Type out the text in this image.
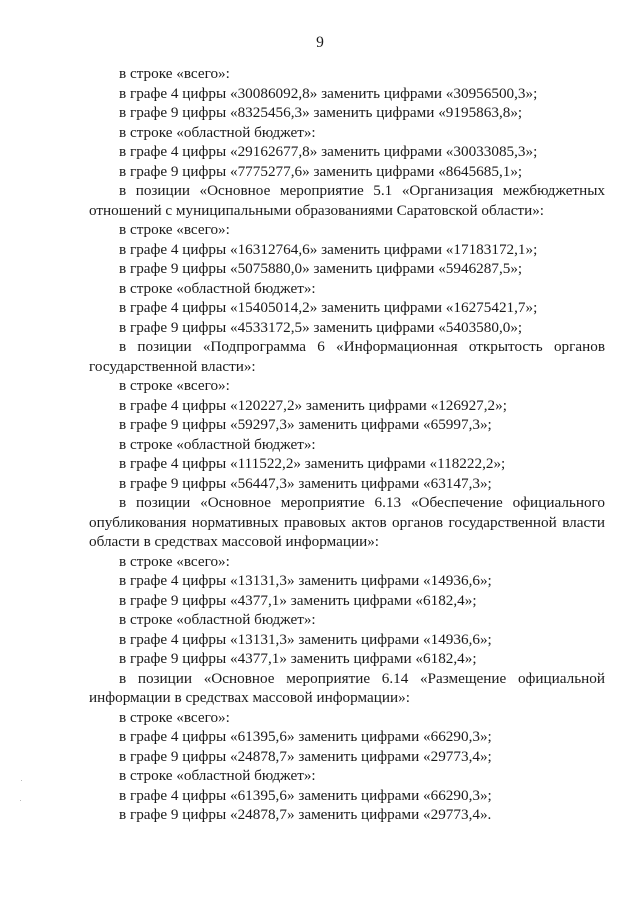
9
в строке «всего»:
в графе 4 цифры «30086092,8» заменить цифрами «30956500,3»;
в графе 9 цифры «8325456,3» заменить цифрами «9195863,8»;
в строке «областной бюджет»:
в графе 4 цифры «29162677,8» заменить цифрами «30033085,3»;
в графе 9 цифры «7775277,6» заменить цифрами «8645685,1»;
в позиции «Основное мероприятие 5.1 «Организация межбюджетных отношений с муниципальными образованиями Саратовской области»:
в строке «всего»:
в графе 4 цифры «16312764,6» заменить цифрами «17183172,1»;
в графе 9 цифры «5075880,0» заменить цифрами «5946287,5»;
в строке «областной бюджет»:
в графе 4 цифры «15405014,2» заменить цифрами «16275421,7»;
в графе 9 цифры «4533172,5» заменить цифрами «5403580,0»;
в позиции «Подпрограмма 6 «Информационная открытость органов государственной власти»:
в строке «всего»:
в графе 4 цифры «120227,2» заменить цифрами «126927,2»;
в графе 9 цифры «59297,3» заменить цифрами «65997,3»;
в строке «областной бюджет»:
в графе 4 цифры «111522,2» заменить цифрами «118222,2»;
в графе 9 цифры «56447,3» заменить цифрами «63147,3»;
в позиции «Основное мероприятие 6.13 «Обеспечение официального опубликования нормативных правовых актов органов государственной власти области в средствах массовой информации»:
в строке «всего»:
в графе 4 цифры «13131,3» заменить цифрами «14936,6»;
в графе 9 цифры «4377,1» заменить цифрами «6182,4»;
в строке «областной бюджет»:
в графе 4 цифры «13131,3» заменить цифрами «14936,6»;
в графе 9 цифры «4377,1» заменить цифрами «6182,4»;
в позиции «Основное мероприятие 6.14 «Размещение официальной информации в средствах массовой информации»:
в строке «всего»:
в графе 4 цифры «61395,6» заменить цифрами «66290,3»;
в графе 9 цифры «24878,7» заменить цифрами «29773,4»;
в строке «областной бюджет»:
в графе 4 цифры «61395,6» заменить цифрами «66290,3»;
в графе 9 цифры «24878,7» заменить цифрами «29773,4».
